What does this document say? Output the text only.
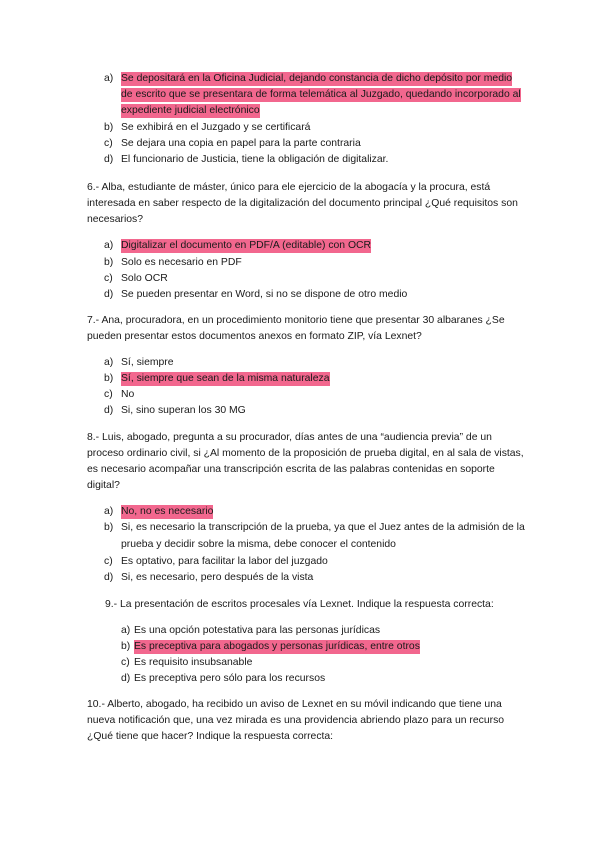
a) Se depositará en la Oficina Judicial, dejando constancia de dicho depósito por medio
de escrito que se presentara de forma telemática al Juzgado, quedando incorporado al
expediente judicial electrónico
b) Se exhibirá en el Juzgado y se certificará
c) Se dejara una copia en papel para la parte contraria
d) El funcionario de Justicia, tiene la obligación de digitalizar.
6.- Alba, estudiante de máster, único para ele ejercicio de la abogacía y la procura, está
interesada en saber respecto de la digitalización del documento principal ¿Qué requisitos son
necesarios?
a) Digitalizar el documento en PDF/A (editable) con OCR
b) Solo es necesario en PDF
c) Solo OCR
d) Se pueden presentar en Word, si no se dispone de otro medio
7.- Ana, procuradora, en un procedimiento monitorio tiene que presentar 30 albaranes ¿Se
pueden presentar estos documentos anexos en formato ZIP, vía Lexnet?
a) Sí, siempre
b) Sí, siempre que sean de la misma naturaleza
c) No
d) Si, sino superan los 30 MG
8.- Luis, abogado, pregunta a su procurador, días antes de una “audiencia previa” de un
proceso ordinario civil, si ¿Al momento de la proposición de prueba digital, en al sala de vistas,
es necesario acompañar una transcripción escrita de las palabras contenidas en soporte
digital?
a) No, no es necesario
b) Si, es necesario la transcripción de la prueba, ya que el Juez antes de la admisión de la
prueba y decidir sobre la misma, debe conocer el contenido
c) Es optativo, para facilitar la labor del juzgado
d) Si, es necesario, pero después de la vista
9.- La presentación de escritos procesales vía Lexnet. Indique la respuesta correcta:
a) Es una opción potestativa para las personas jurídicas
b) Es preceptiva para abogados y personas jurídicas, entre otros
c) Es requisito insubsanable
d) Es preceptiva pero sólo para los recursos
10.- Alberto, abogado, ha recibido un aviso de Lexnet en su móvil indicando que tiene una
nueva notificación que, una vez mirada es una providencia abriendo plazo para un recurso
¿Qué tiene que hacer? Indique la respuesta correcta:
